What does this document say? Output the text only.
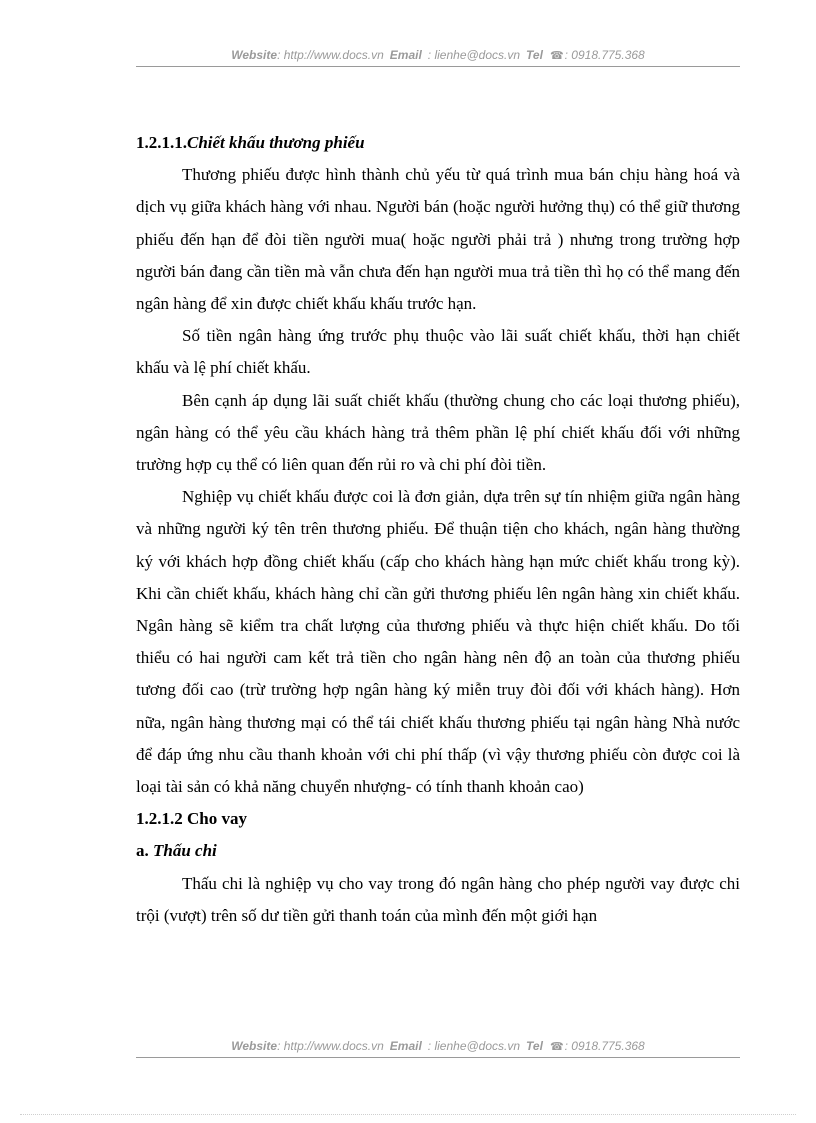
Website: http://www.docs.vn Email : lienhe@docs.vn Tel ☎: 0918.775.368

1.2.1.1.Chiết khấu thương phiếu

Thương phiếu được hình thành chủ yếu từ quá trình mua bán chịu hàng hoá và dịch vụ giữa khách hàng với nhau. Người bán (hoặc người hưởng thụ) có thể giữ thương phiếu đến hạn để đòi tiền người mua( hoặc người phải trả ) nhưng trong trường hợp người bán đang cần tiền mà vẫn chưa đến hạn người mua trả tiền thì họ có thể mang đến ngân hàng để xin được chiết khấu khấu trước hạn.

Số tiền ngân hàng ứng trước phụ thuộc vào lãi suất chiết khấu, thời hạn chiết khấu và lệ phí chiết khấu.

Bên cạnh áp dụng lãi suất chiết khấu (thường chung cho các loại thương phiếu), ngân hàng có thể yêu cầu khách hàng trả thêm phần lệ phí chiết khấu đối với những trường hợp cụ thể có liên quan đến rủi ro và chi phí đòi tiền.

Nghiệp vụ chiết khấu được coi là đơn giản, dựa trên sự tín nhiệm giữa ngân hàng và những người ký tên trên thương phiếu. Để thuận tiện cho khách, ngân hàng thường ký với khách hợp đồng chiết khấu (cấp cho khách hàng hạn mức chiết khấu trong kỳ). Khi cần chiết khấu, khách hàng chỉ cần gửi thương phiếu lên ngân hàng xin chiết khấu. Ngân hàng sẽ kiểm tra chất lượng của thương phiếu và thực hiện chiết khấu. Do tối thiểu có hai người cam kết trả tiền cho ngân hàng nên độ an toàn của thương phiếu tương đối cao (trừ trường hợp ngân hàng ký miễn truy đòi đối với khách hàng). Hơn nữa, ngân hàng thương mại có thể tái chiết khấu thương phiếu tại ngân hàng Nhà nước để đáp ứng nhu cầu thanh khoản với chi phí thấp (vì vậy thương phiếu còn được coi là loại tài sản có khả năng chuyển nhượng- có tính thanh khoản cao)

1.2.1.2 Cho vay

a. Thấu chi

Thấu chi là nghiệp vụ cho vay trong đó ngân hàng cho phép người vay được chi trội (vượt) trên số dư tiền gửi thanh toán của mình đến một giới hạn

Website: http://www.docs.vn Email : lienhe@docs.vn Tel ☎: 0918.775.368
